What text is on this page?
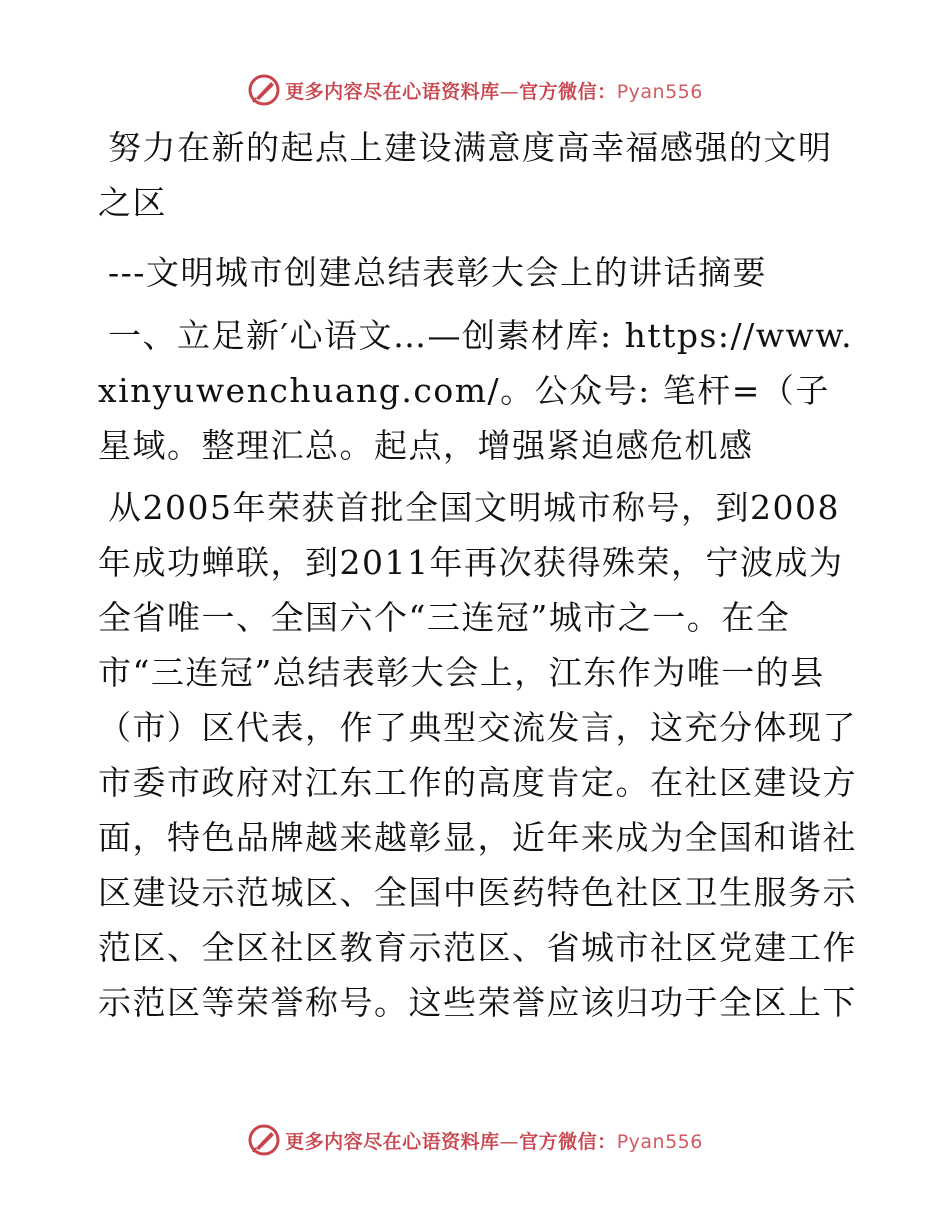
更多内容尽在心语资料库—官方微信：Pyan556

努力在新的起点上建设满意度高幸福感强的文明之区

---文明城市创建总结表彰大会上的讲话摘要

一、立足新′心语文…—创素材库: https://www.xinyuwenchuang.com/。公众号: 笔杆=（子星域。整理汇总。起点，增强紧迫感危机感

从2005年荣获首批全国文明城市称号，到2008年成功蝉联，到2011年再次获得殊荣，宁波成为全省唯一、全国六个“三连冠”城市之一。在全市“三连冠”总结表彰大会上，江东作为唯一的县（市）区代表，作了典型交流发言，这充分体现了市委市政府对江东工作的高度肯定。在社区建设方面，特色品牌越来越彰显，近年来成为全国和谐社区建设示范城区、全国中医药特色社区卫生服务示范区、全区社区教育示范区、省城市社区党建工作示范区等荣誉称号。这些荣誉应该归功于全区上下

更多内容尽在心语资料库—官方微信：Pyan556
